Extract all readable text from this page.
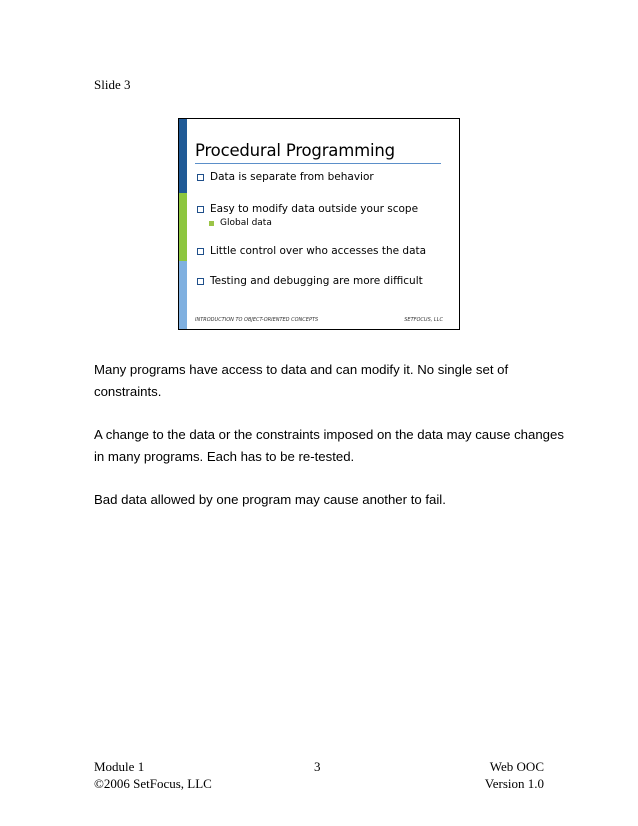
Slide 3
Procedural Programming
Data is separate from behavior
Easy to modify data outside your scope
Global data
Little control over who accesses the data
Testing and debugging are more difficult
INTRODUCTION TO OBJECT-ORIENTED CONCEPTS	SETFOCUS, LLC
Many programs have access to data and can modify it. No single set of constraints.
A change to the data or the constraints imposed on the data may cause changes in many programs. Each has to be re-tested.
Bad data allowed by one program may cause another to fail.
Module 1
©2006 SetFocus, LLC
3	Web OOC
Version 1.0
